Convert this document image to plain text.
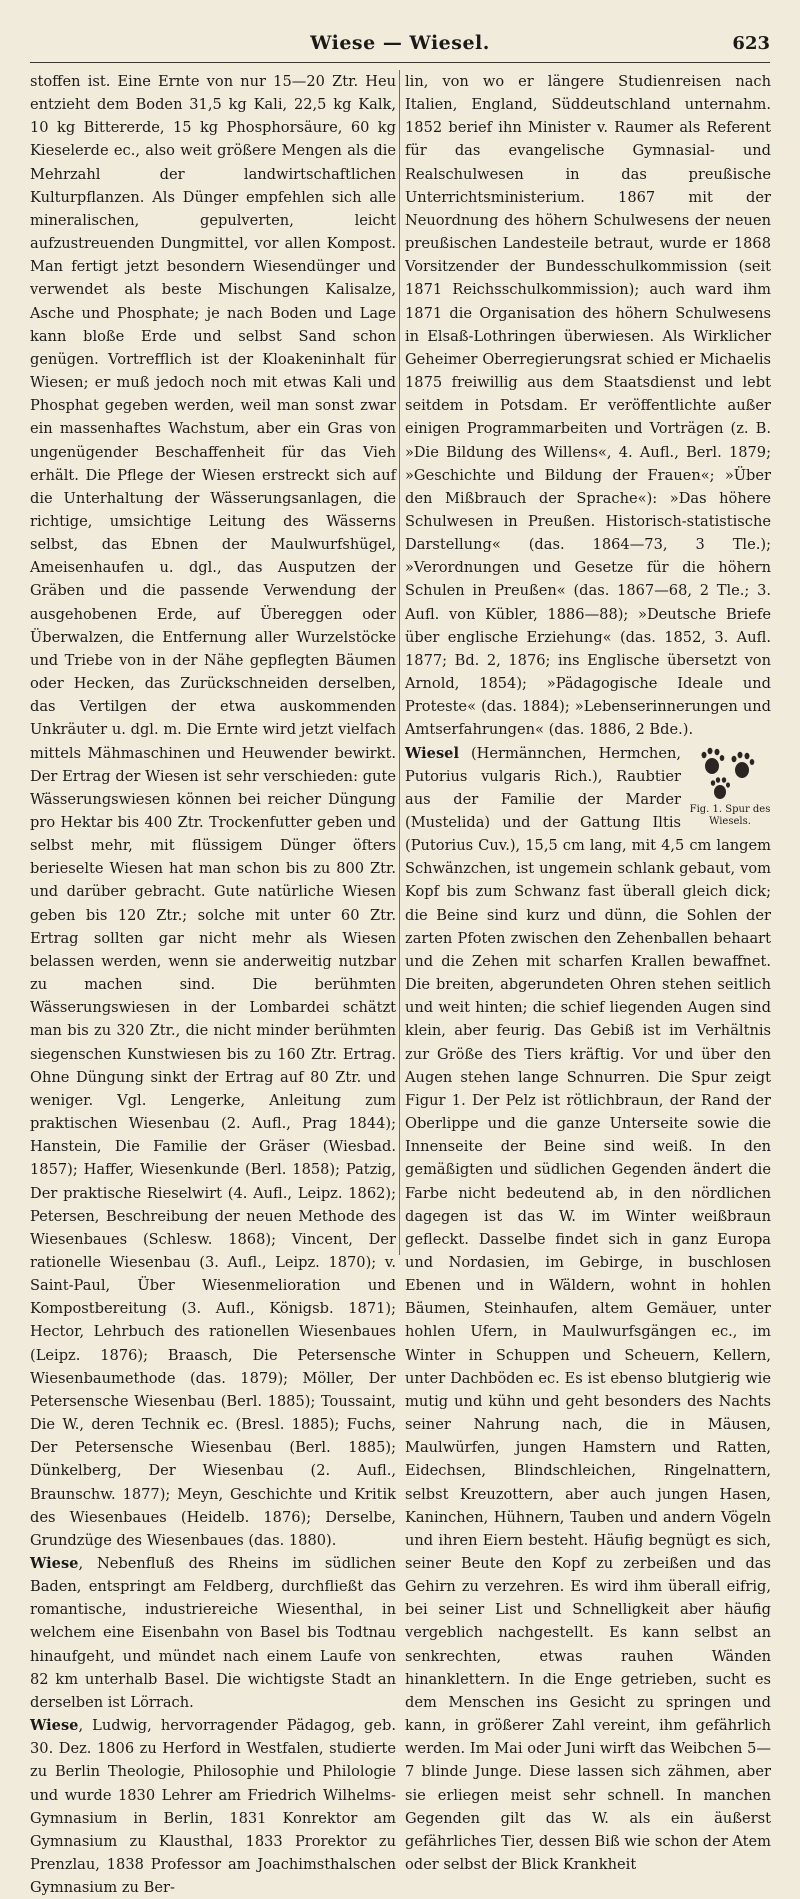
Wiese — Wiesel.	623

stoffen ist. Eine Ernte von nur 15—20 Ztr. Heu entzieht dem Boden 31,5 kg Kali, 22,5 kg Kalk, 10 kg Bittererde, 15 kg Phosphorsäure, 60 kg Kieselerde ec., also weit größere Mengen als die Mehrzahl der landwirtschaftlichen Kulturpflanzen. Als Dünger empfehlen sich alle mineralischen, gepulverten, leicht aufzustreuenden Dungmittel, vor allen Kompost. Man fertigt jetzt besondern Wiesendünger und verwendet als beste Mischungen Kalisalze, Asche und Phosphate; je nach Boden und Lage kann bloße Erde und selbst Sand schon genügen. Vortrefflich ist der Kloakeninhalt für Wiesen; er muß jedoch noch mit etwas Kali und Phosphat gegeben werden, weil man sonst zwar ein massenhaftes Wachstum, aber ein Gras von ungenügender Beschaffenheit für das Vieh erhält. Die Pflege der Wiesen erstreckt sich auf die Unterhaltung der Wässerungsanlagen, die richtige, umsichtige Leitung des Wässerns selbst, das Ebnen der Maulwurfshügel, Ameisenhaufen u. dgl., das Ausputzen der Gräben und die passende Verwendung der ausgehobenen Erde, auf Übereggen oder Überwalzen, die Entfernung aller Wurzelstöcke und Triebe von in der Nähe gepflegten Bäumen oder Hecken, das Zurückschneiden derselben, das Vertilgen der etwa auskommenden Unkräuter u. dgl. m. Die Ernte wird jetzt vielfach mittels Mähmaschinen und Heuwender bewirkt. Der Ertrag der Wiesen ist sehr verschieden: gute Wässerungswiesen können bei reicher Düngung pro Hektar bis 400 Ztr. Trockenfutter geben und selbst mehr, mit flüssigem Dünger öfters berieselte Wiesen hat man schon bis zu 800 Ztr. und darüber gebracht. Gute natürliche Wiesen geben bis 120 Ztr.; solche mit unter 60 Ztr. Ertrag sollten gar nicht mehr als Wiesen belassen werden, wenn sie anderweitig nutzbar zu machen sind. Die berühmten Wässerungswiesen in der Lombardei schätzt man bis zu 320 Ztr., die nicht minder berühmten siegenschen Kunstwiesen bis zu 160 Ztr. Ertrag. Ohne Düngung sinkt der Ertrag auf 80 Ztr. und weniger. Vgl. Lengerke, Anleitung zum praktischen Wiesenbau (2. Aufl., Prag 1844); Hanstein, Die Familie der Gräser (Wiesbad. 1857); Haffer, Wiesenkunde (Berl. 1858); Patzig, Der praktische Rieselwirt (4. Aufl., Leipz. 1862); Petersen, Beschreibung der neuen Methode des Wiesenbaues (Schlesw. 1868); Vincent, Der rationelle Wiesenbau (3. Aufl., Leipz. 1870); v. Saint-Paul, Über Wiesenmelioration und Kompostbereitung (3. Aufl., Königsb. 1871); Hector, Lehrbuch des rationellen Wiesenbaues (Leipz. 1876); Braasch, Die Petersensche Wiesenbaumethode (das. 1879); Möller, Der Petersensche Wiesenbau (Berl. 1885); Toussaint, Die W., deren Technik ec. (Bresl. 1885); Fuchs, Der Petersensche Wiesenbau (Berl. 1885); Dünkelberg, Der Wiesenbau (2. Aufl., Braunschw. 1877); Meyn, Geschichte und Kritik des Wiesenbaues (Heidelb. 1876); Derselbe, Grundzüge des Wiesenbaues (das. 1880).

Wiese, Nebenfluß des Rheins im südlichen Baden, entspringt am Feldberg, durchfließt das romantische, industriereiche Wiesenthal, in welchem eine Eisenbahn von Basel bis Todtnau hinaufgeht, und mündet nach einem Laufe von 82 km unterhalb Basel. Die wichtigste Stadt an derselben ist Lörrach.

Wiese, Ludwig, hervorragender Pädagog, geb. 30. Dez. 1806 zu Herford in Westfalen, studierte zu Berlin Theologie, Philosophie und Philologie und wurde 1830 Lehrer am Friedrich Wilhelms-Gymnasium in Berlin, 1831 Konrektor am Gymnasium zu Klausthal, 1833 Prorektor zu Prenzlau, 1838 Professor am Joachimsthalschen Gymnasium zu Ber-

lin, von wo er längere Studienreisen nach Italien, England, Süddeutschland unternahm. 1852 berief ihn Minister v. Raumer als Referent für das evangelische Gymnasial- und Realschulwesen in das preußische Unterrichtsministerium. 1867 mit der Neuordnung des höhern Schulwesens der neuen preußischen Landesteile betraut, wurde er 1868 Vorsitzender der Bundesschulkommission (seit 1871 Reichsschulkommission); auch ward ihm 1871 die Organisation des höhern Schulwesens in Elsaß-Lothringen überwiesen. Als Wirklicher Geheimer Oberregierungsrat schied er Michaelis 1875 freiwillig aus dem Staatsdienst und lebt seitdem in Potsdam. Er veröffentlichte außer einigen Programmarbeiten und Vorträgen (z. B. »Die Bildung des Willens«, 4. Aufl., Berl. 1879; »Geschichte und Bildung der Frauen«; »Über den Mißbrauch der Sprache«): »Das höhere Schulwesen in Preußen. Historisch-statistische Darstellung« (das. 1864—73, 3 Tle.); »Verordnungen und Gesetze für die höhern Schulen in Preußen« (das. 1867—68, 2 Tle.; 3. Aufl. von Kübler, 1886—88); »Deutsche Briefe über englische Erziehung« (das. 1852, 3. Aufl. 1877; Bd. 2, 1876; ins Englische übersetzt von Arnold, 1854); »Pädagogische Ideale und Proteste« (das. 1884); »Lebenserinnerungen und Amtserfahrungen« (das. 1886, 2 Bde.).

Fig. 1. Spur des Wiesels.

Wiesel (Hermännchen, Hermchen, Putorius vulgaris Rich.), Raubtier aus der Familie der Marder (Mustelida) und der Gattung Iltis (Putorius Cuv.), 15,5 cm lang, mit 4,5 cm langem Schwänzchen, ist ungemein schlank gebaut, vom Kopf bis zum Schwanz fast überall gleich dick; die Beine sind kurz und dünn, die Sohlen der zarten Pfoten zwischen den Zehenballen behaart und die Zehen mit scharfen Krallen bewaffnet. Die breiten, abgerundeten Ohren stehen seitlich und weit hinten; die schief liegenden Augen sind klein, aber feurig. Das Gebiß ist im Verhältnis zur Größe des Tiers kräftig. Vor und über den Augen stehen lange Schnurren. Die Spur zeigt Figur 1. Der Pelz ist rötlichbraun, der Rand der Oberlippe und die ganze Unterseite sowie die Innenseite der Beine sind weiß. In den gemäßigten und südlichen Gegenden ändert die Farbe nicht bedeutend ab, in den nördlichen dagegen ist das W. im Winter weißbraun gefleckt. Dasselbe findet sich in ganz Europa und Nordasien, im Gebirge, in buschlosen Ebenen und in Wäldern, wohnt in hohlen Bäumen, Steinhaufen, altem Gemäuer, unter hohlen Ufern, in Maulwurfsgängen ec., im Winter in Schuppen und Scheuern, Kellern, unter Dachböden ec. Es ist ebenso blutgierig wie mutig und kühn und geht besonders des Nachts seiner Nahrung nach, die in Mäusen, Maulwürfen, jungen Hamstern und Ratten, Eidechsen, Blindschleichen, Ringelnattern, selbst Kreuzottern, aber auch jungen Hasen, Kaninchen, Hühnern, Tauben und andern Vögeln und ihren Eiern besteht. Häufig begnügt es sich, seiner Beute den Kopf zu zerbeißen und das Gehirn zu verzehren. Es wird ihm überall eifrig, bei seiner List und Schnelligkeit aber häufig vergeblich nachgestellt. Es kann selbst an senkrechten, etwas rauhen Wänden hinanklettern. In die Enge getrieben, sucht es dem Menschen ins Gesicht zu springen und kann, in größerer Zahl vereint, ihm gefährlich werden. Im Mai oder Juni wirft das Weibchen 5—7 blinde Junge. Diese lassen sich zähmen, aber sie erliegen meist sehr schnell. In manchen Gegenden gilt das W. als ein äußerst gefährliches Tier, dessen Biß wie schon der Atem oder selbst der Blick Krankheit
